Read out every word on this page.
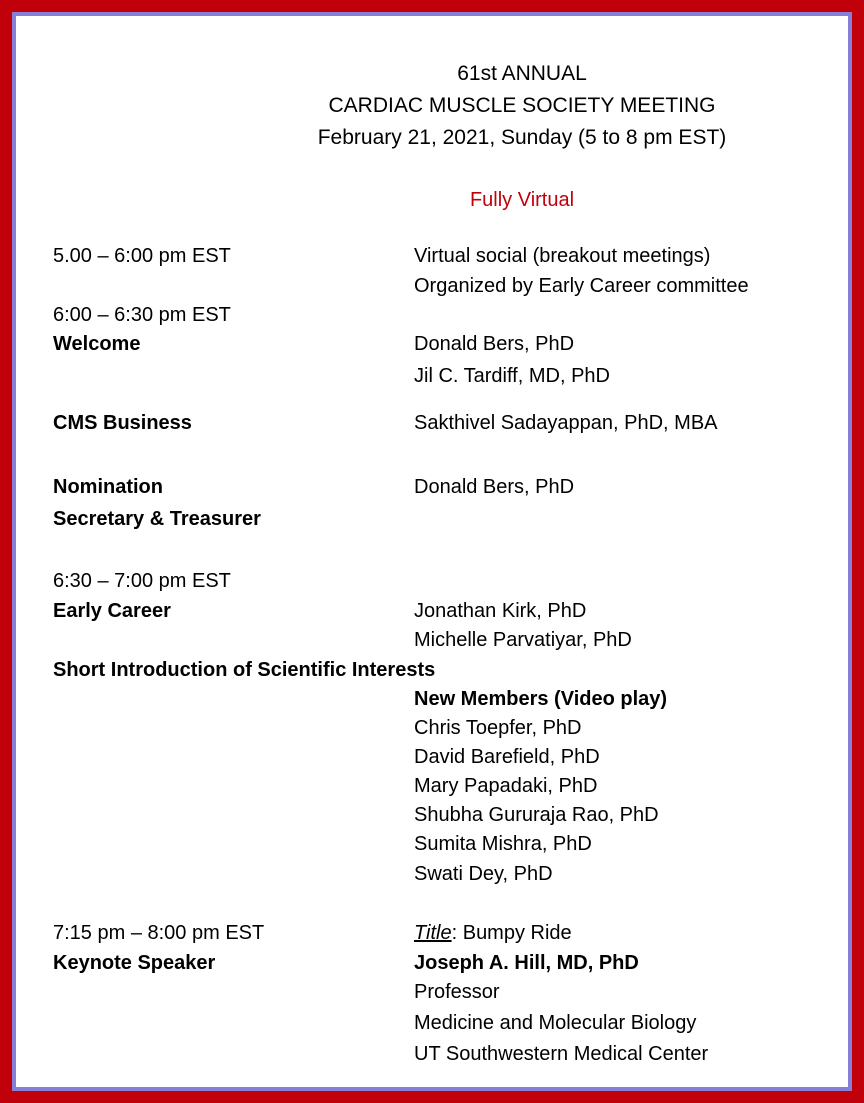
61st ANNUAL
CARDIAC MUSCLE SOCIETY MEETING
February 21, 2021, Sunday (5 to 8 pm EST)
Fully Virtual
5.00 – 6:00 pm EST	Virtual social (breakout meetings)
Organized by Early Career committee
6:00 – 6:30 pm EST
Welcome	Donald Bers, PhD
Jil C. Tardiff, MD, PhD
CMS Business	Sakthivel Sadayappan, PhD, MBA
Nomination	Donald Bers, PhD
Secretary & Treasurer
6:30 – 7:00 pm EST
Early Career	Jonathan Kirk, PhD
Michelle Parvatiyar, PhD
Short Introduction of Scientific Interests
New Members (Video play)
Chris Toepfer, PhD
David Barefield, PhD
Mary Papadaki, PhD
Shubha Gururaja Rao, PhD
Sumita Mishra, PhD
Swati Dey, PhD
7:15 pm – 8:00 pm EST	Title: Bumpy Ride
Keynote Speaker	Joseph A. Hill, MD, PhD
Professor
Medicine and Molecular Biology
UT Southwestern Medical Center
